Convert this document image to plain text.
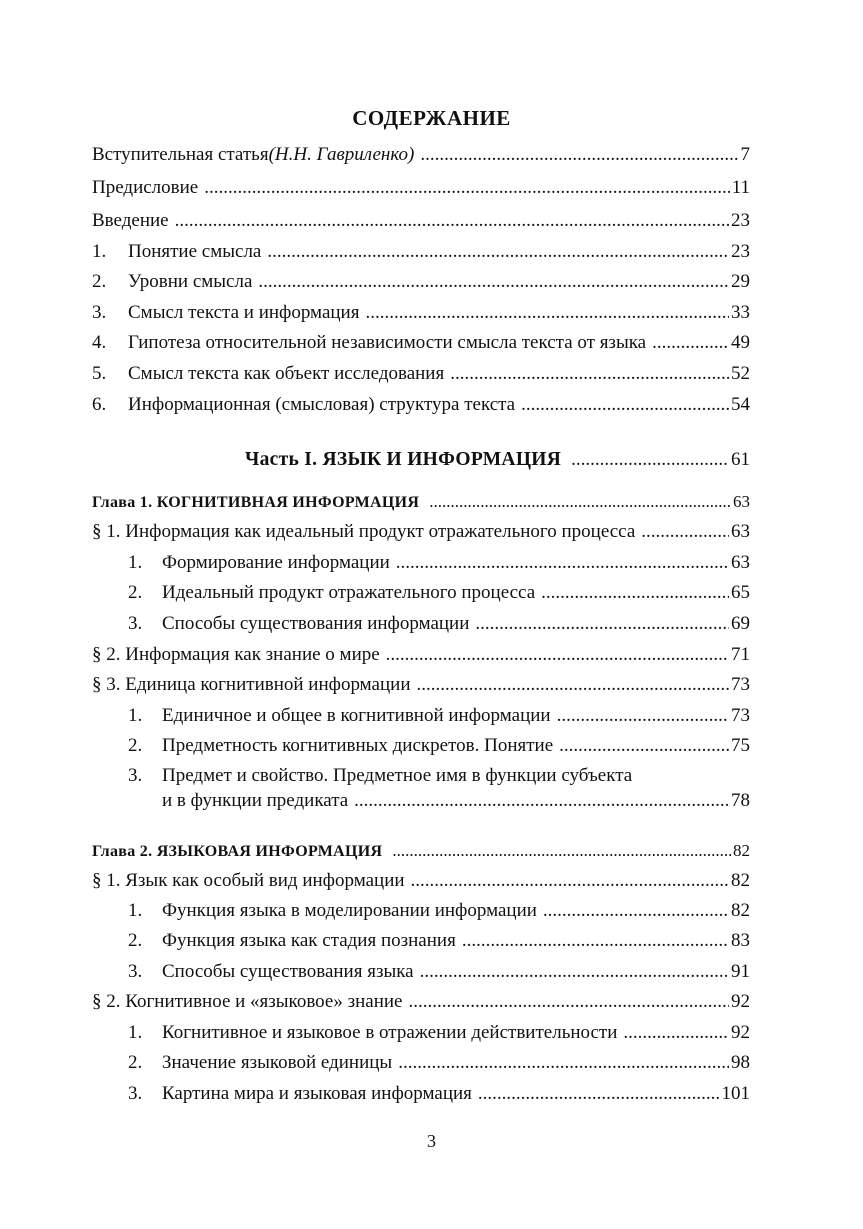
СОДЕРЖАНИЕ
Вступительная статья (Н.Н. Гавриленко) .....	7
Предисловие .....	11
Введение .....	23
1.	Понятие смысла .....	23
2.	Уровни смысла .....	29
3.	Смысл текста и информация .....	33
4.	Гипотеза относительной независимости смысла текста от языка .....	49
5.	Смысл текста как объект исследования .....	52
6.	Информационная (смысловая) структура текста .....	54
Часть I. ЯЗЫК И ИНФОРМАЦИЯ .....	61
Глава 1. КОГНИТИВНАЯ ИНФОРМАЦИЯ .....	63
§ 1. Информация как идеальный продукт отражательного процесса .....	63
1.	Формирование информации .....	63
2.	Идеальный продукт отражательного процесса .....	65
3.	Способы существования информации .....	69
§ 2. Информация как знание о мире .....	71
§ 3. Единица когнитивной информации .....	73
1.	Единичное и общее в когнитивной информации .....	73
2.	Предметность когнитивных дискретов. Понятие .....	75
3.	Предмет и свойство. Предметное имя в функции субъекта
и в функции предиката .....	78
Глава 2. ЯЗЫКОВАЯ ИНФОРМАЦИЯ .....	82
§ 1. Язык как особый вид информации .....	82
1.	Функция языка в моделировании информации .....	82
2.	Функция языка как стадия познания .....	83
3.	Способы существования языка .....	91
§ 2. Когнитивное и «языковое» знание .....	92
1.	Когнитивное и языковое в отражении действительности .....	92
2.	Значение языковой единицы .....	98
3.	Картина мира и языковая информация .....	101
3
